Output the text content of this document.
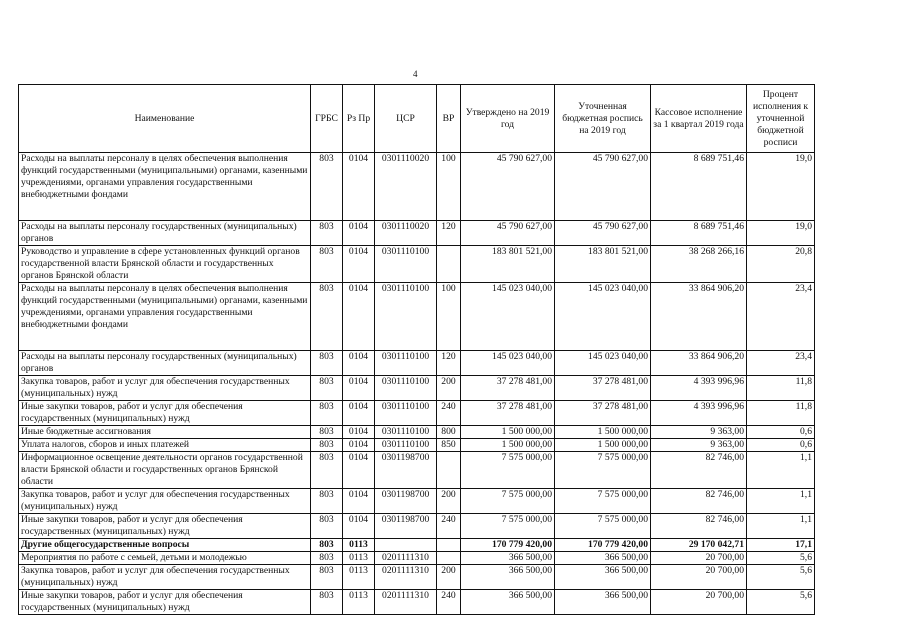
4
Наименование	ГРБС	Рз Пр	ЦСР	ВР	Утверждено на 2019 год	Уточненная бюджетная роспись на 2019 год	Кассовое исполнение за 1 квартал 2019 года	Процент исполнения к уточненной бюджетной росписи
Расходы на выплаты персоналу в целях обеспечения выполнения функций государственными (муниципальными) органами, казенными учреждениями, органами управления государственными внебюджетными фондами	803	0104	0301110020	100	45 790 627,00	45 790 627,00	8 689 751,46	19,0
Расходы на выплаты персоналу государственных (муниципальных) органов	803	0104	0301110020	120	45 790 627,00	45 790 627,00	8 689 751,46	19,0
Руководство и управление в сфере установленных функций органов государственной власти Брянской области и государственных органов Брянской области	803	0104	0301110100		183 801 521,00	183 801 521,00	38 268 266,16	20,8
Расходы на выплаты персоналу в целях обеспечения выполнения функций государственными (муниципальными) органами, казенными учреждениями, органами управления государственными внебюджетными фондами	803	0104	0301110100	100	145 023 040,00	145 023 040,00	33 864 906,20	23,4
Расходы на выплаты персоналу государственных (муниципальных) органов	803	0104	0301110100	120	145 023 040,00	145 023 040,00	33 864 906,20	23,4
Закупка товаров, работ и услуг для обеспечения государственных (муниципальных) нужд	803	0104	0301110100	200	37 278 481,00	37 278 481,00	4 393 996,96	11,8
Иные закупки товаров, работ и услуг для обеспечения государственных (муниципальных) нужд	803	0104	0301110100	240	37 278 481,00	37 278 481,00	4 393 996,96	11,8
Иные бюджетные ассигнования	803	0104	0301110100	800	1 500 000,00	1 500 000,00	9 363,00	0,6
Уплата налогов, сборов и иных платежей	803	0104	0301110100	850	1 500 000,00	1 500 000,00	9 363,00	0,6
Информационное освещение деятельности органов государственной власти Брянской области и государственных органов Брянской области	803	0104	0301198700		7 575 000,00	7 575 000,00	82 746,00	1,1
Закупка товаров, работ и услуг для обеспечения государственных (муниципальных) нужд	803	0104	0301198700	200	7 575 000,00	7 575 000,00	82 746,00	1,1
Иные закупки товаров, работ и услуг для обеспечения государственных (муниципальных) нужд	803	0104	0301198700	240	7 575 000,00	7 575 000,00	82 746,00	1,1
Другие общегосударственные вопросы	803	0113			170 779 420,00	170 779 420,00	29 170 042,71	17,1
Мероприятия по работе с семьей, детьми и молодежью	803	0113	0201111310		366 500,00	366 500,00	20 700,00	5,6
Закупка товаров, работ и услуг для обеспечения государственных (муниципальных) нужд	803	0113	0201111310	200	366 500,00	366 500,00	20 700,00	5,6
Иные закупки товаров, работ и услуг для обеспечения государственных (муниципальных) нужд	803	0113	0201111310	240	366 500,00	366 500,00	20 700,00	5,6
